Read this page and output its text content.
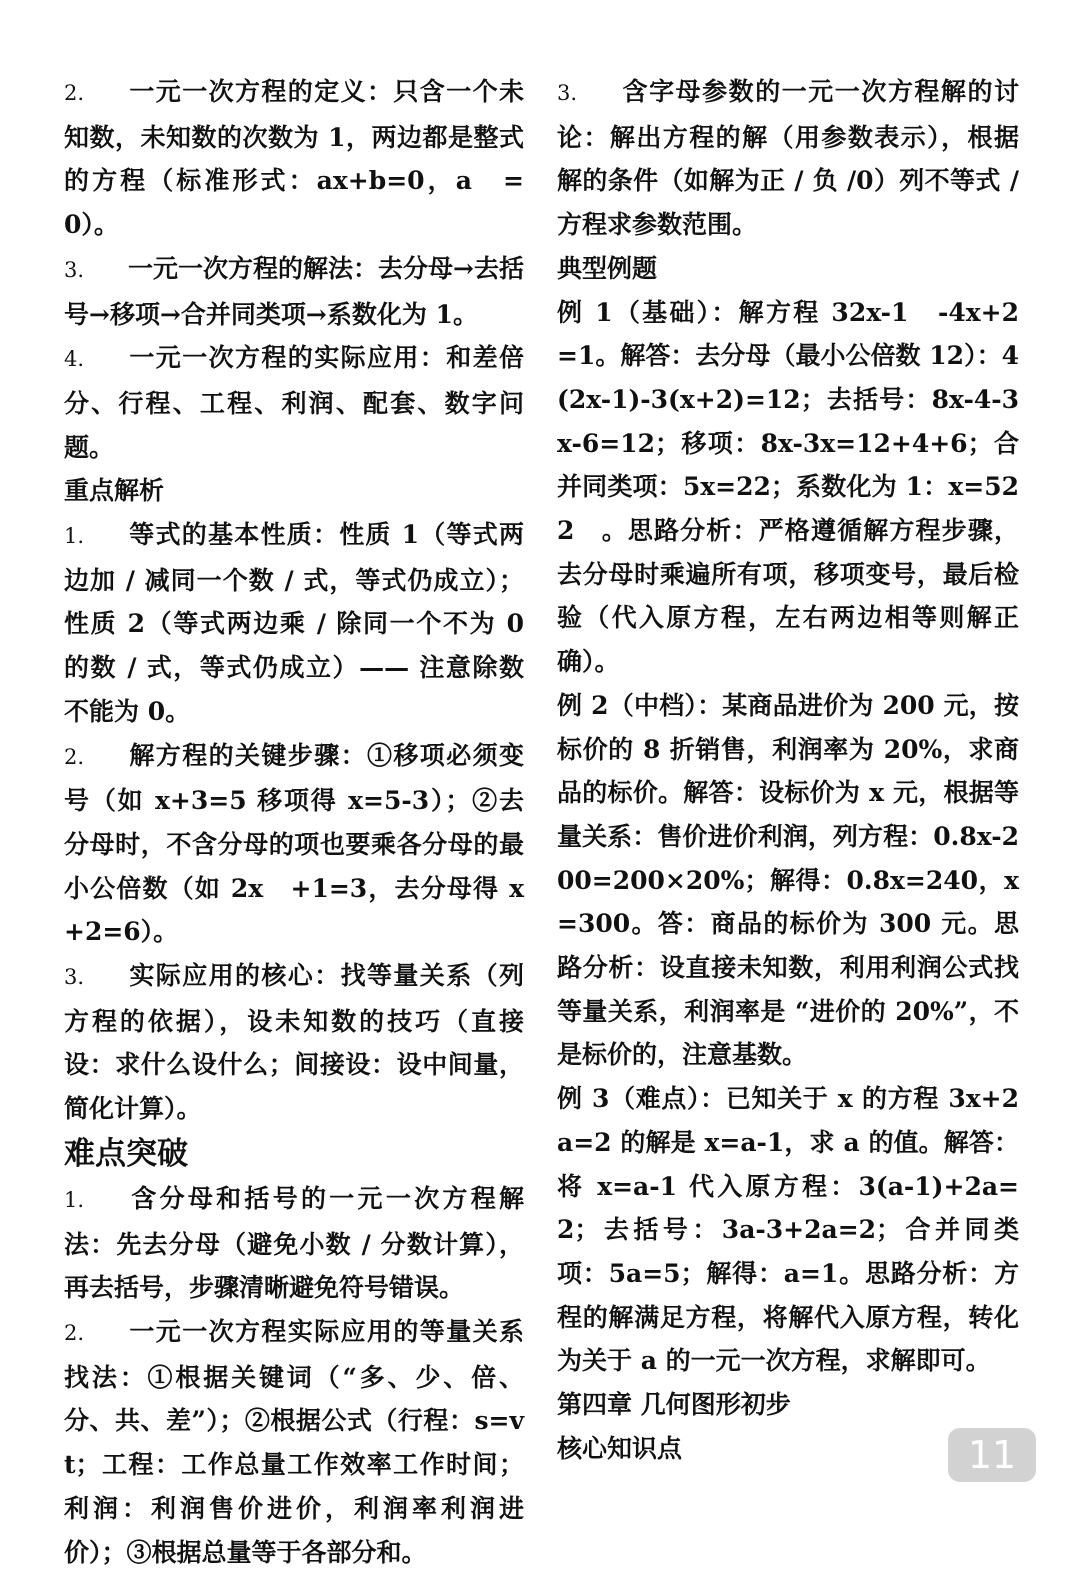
2. 一元一次方程的定义：只含一个未知数，未知数的次数为 1，两边都是整式的方程（标准形式：ax+b=0，a　=0）。
3. 一元一次方程的解法：去分母→去括号→移项→合并同类项→系数化为 1。
4. 一元一次方程的实际应用：和差倍分、行程、工程、利润、配套、数字问题。
重点解析
1. 等式的基本性质：性质 1（等式两边加 / 减同一个数 / 式，等式仍成立）；性质 2（等式两边乘 / 除同一个不为 0 的数 / 式，等式仍成立）—— 注意除数不能为 0。
2. 解方程的关键步骤：①移项必须变号（如 x+3=5 移项得 x=5-3）；②去分母时，不含分母的项也要乘各分母的最小公倍数（如 2x　+1=3，去分母得 x+2=6）。
3. 实际应用的核心：找等量关系（列方程的依据），设未知数的技巧（直接设：求什么设什么；间接设：设中间量，简化计算）。
难点突破
1. 含分母和括号的一元一次方程解法：先去分母（避免小数 / 分数计算），再去括号，步骤清晰避免符号错误。
2. 一元一次方程实际应用的等量关系找法：①根据关键词（“多、少、倍、分、共、差”）；②根据公式（行程：s=vt；工程：工作总量工作效率工作时间；利润：利润售价进价，利润率利润进价）；③根据总量等于各部分和。
3. 含字母参数的一元一次方程解的讨论：解出方程的解（用参数表示），根据解的条件（如解为正 / 负 /0）列不等式 / 方程求参数范围。
典型例题
例 1（基础）：解方程 32x-1　-4x+2　=1。解答：去分母（最小公倍数 12）：4(2x-1)-3(x+2)=12；去括号：8x-4-3x-6=12；移项：8x-3x=12+4+6；合并同类项：5x=22；系数化为 1：x=522　。思路分析：严格遵循解方程步骤，去分母时乘遍所有项，移项变号，最后检验（代入原方程，左右两边相等则解正确）。
例 2（中档）：某商品进价为 200 元，按标价的 8 折销售，利润率为 20%，求商品的标价。解答：设标价为 x 元，根据等量关系：售价进价利润，列方程：0.8x-200=200×20%；解得：0.8x=240，x=300。答：商品的标价为 300 元。思路分析：设直接未知数，利用利润公式找等量关系，利润率是 “进价的 20%”，不是标价的，注意基数。
例 3（难点）：已知关于 x 的方程 3x+2a=2 的解是 x=a-1，求 a 的值。解答：将 x=a-1 代入原方程：3(a-1)+2a=2；去括号：3a-3+2a=2；合并同类项：5a=5；解得：a=1。思路分析：方程的解满足方程，将解代入原方程，转化为关于 a 的一元一次方程，求解即可。
第四章 几何图形初步
核心知识点	11
